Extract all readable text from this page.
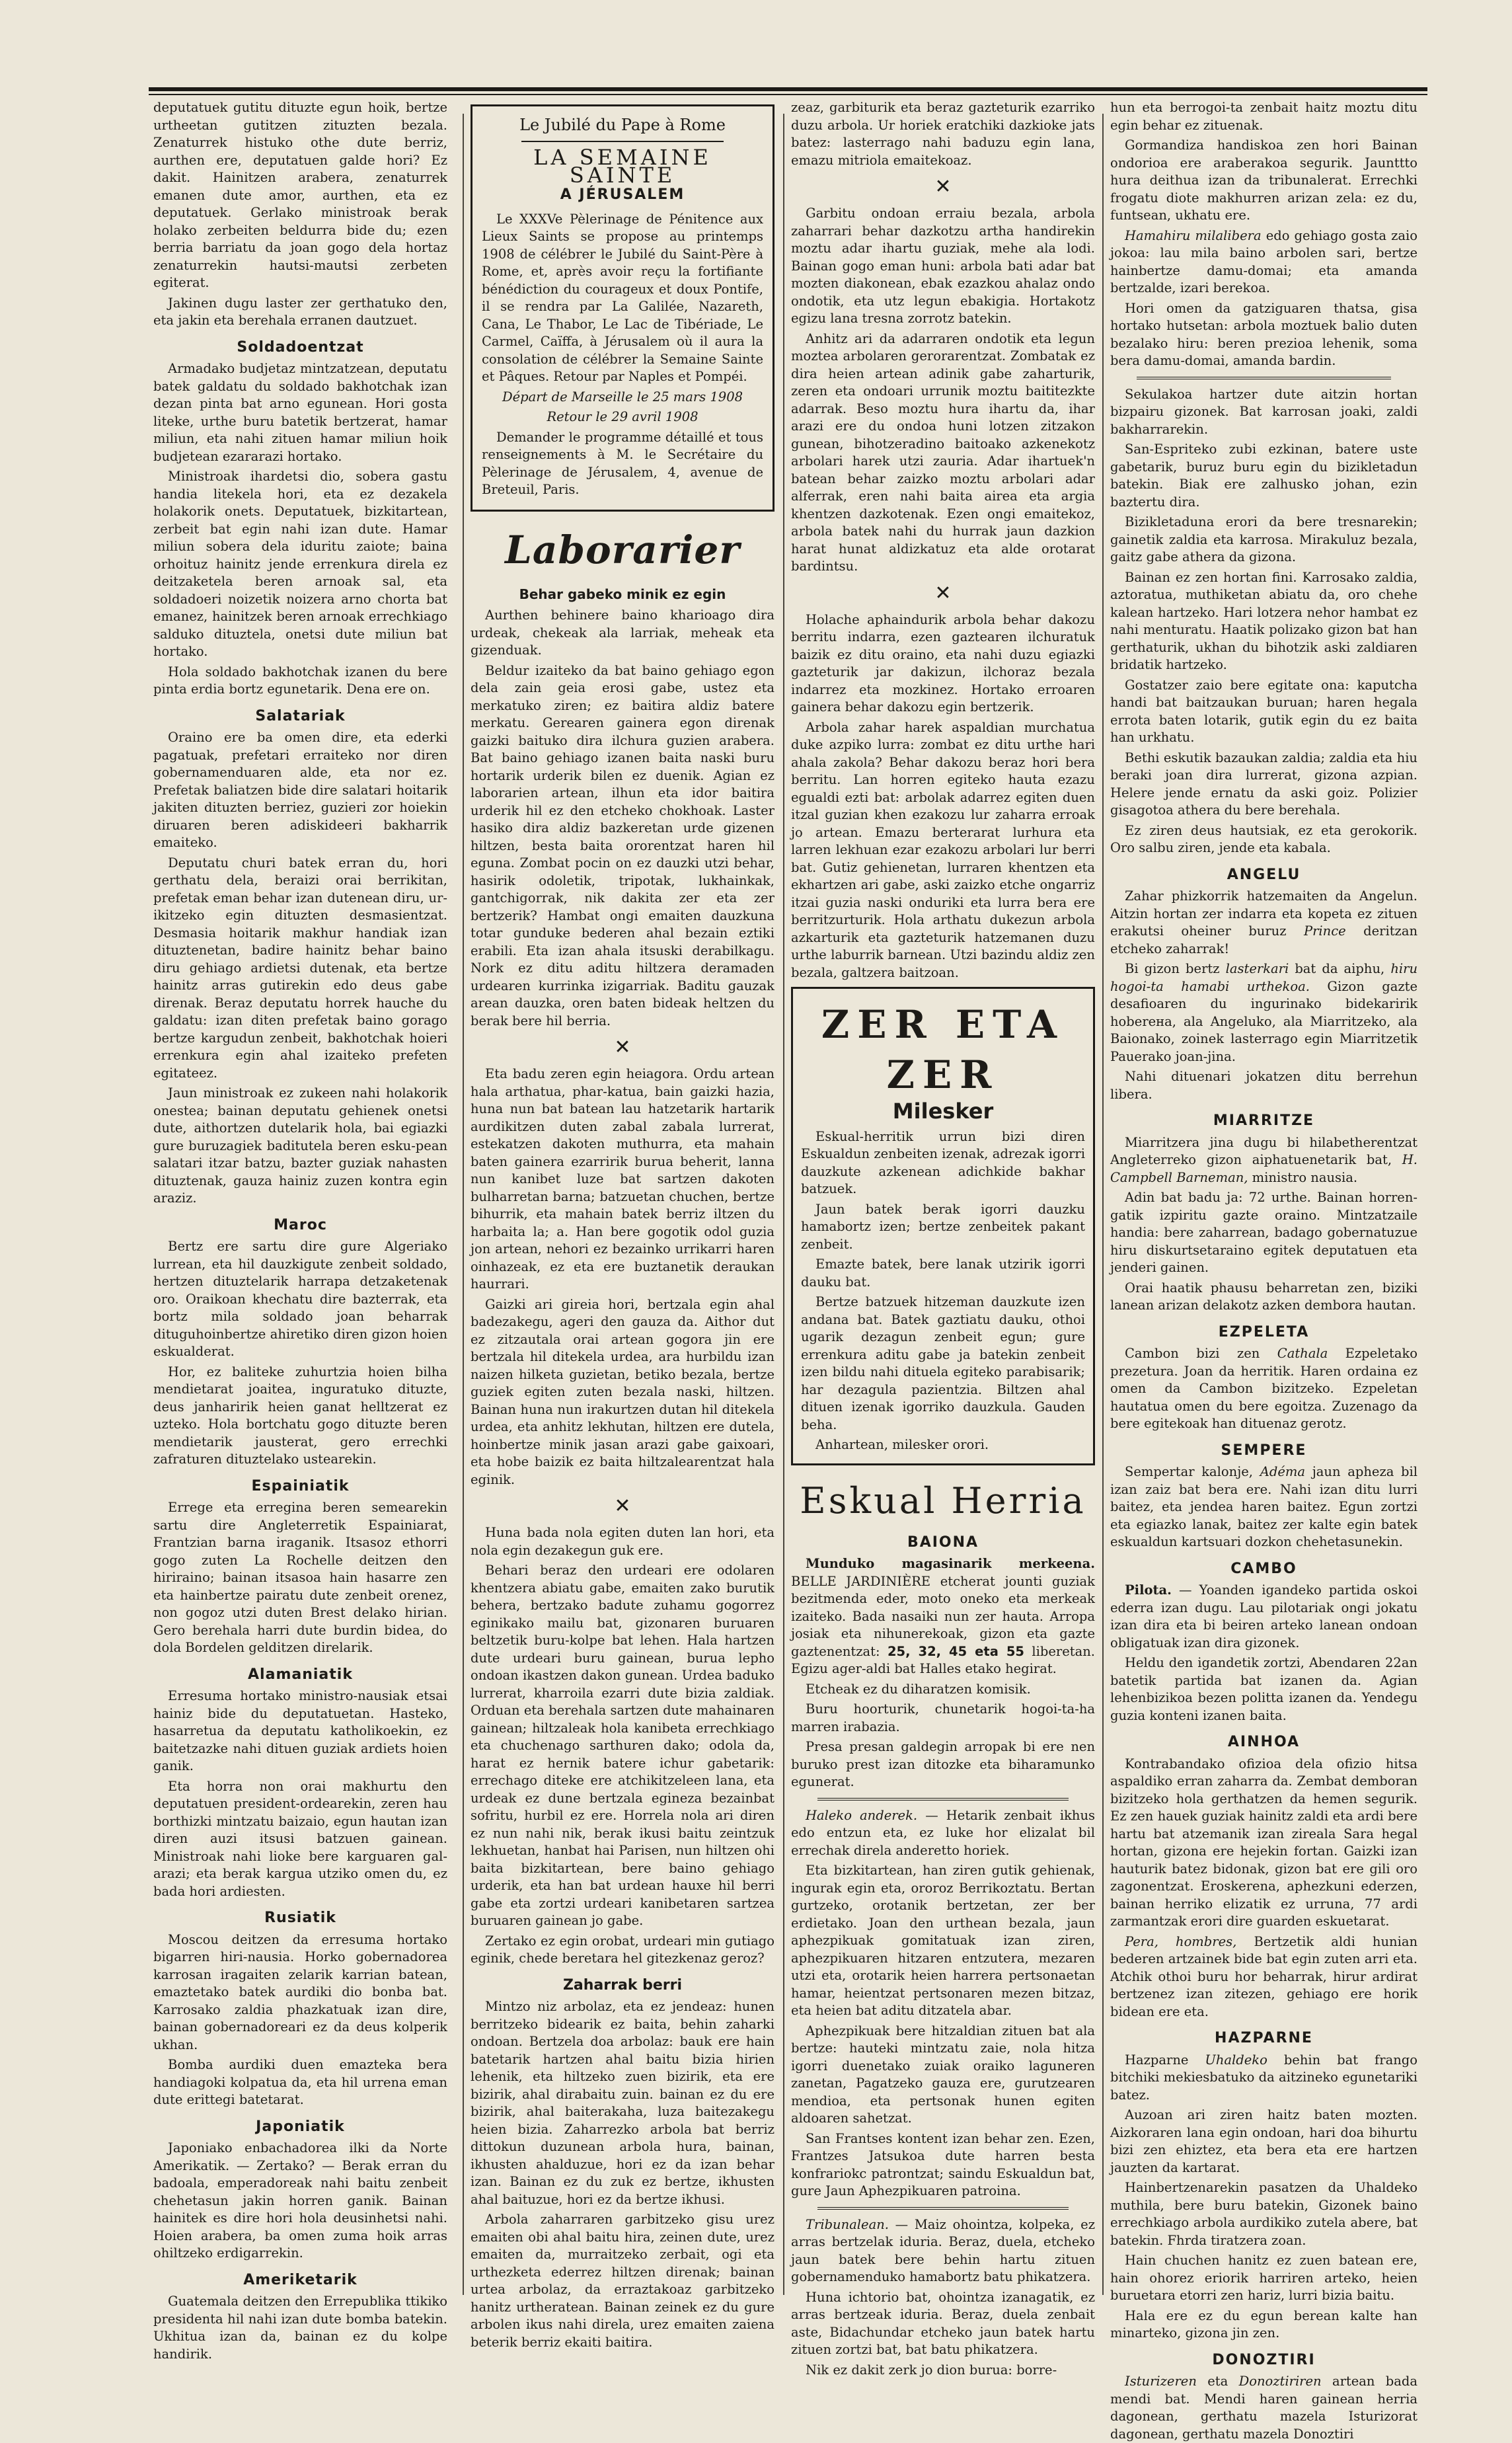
deputatuek gutitu dituzte egun hoik, bertze urtheetan gutitzen zituzten bezala. Zenaturrek histuko othe dute berriz, aurthen ere, deputatuen galde hori? Ez dakit. Hainitzen arabera, zenaturrek emanen dute amor, aurthen, eta ez deputatuek. Gerlako ministroak berak holako zerbeiten beldurra bide du; ezen berria barriatu da joan gogo dela hortaz zenaturrekin hautsi-mautsi zerbeten egiterat.

Jakinen dugu laster zer gerthatuko den, eta jakin eta berehala erranen dautzuet.

Soldadoentzat

Armadako budjetaz mintzatzean, deputatu batek galdatu du soldado bakhotchak izan dezan pinta bat arno egunean. Hori gosta liteke, urthe buru batetik bertzerat, hamar miliun, eta nahi zituen hamar miliun hoik budjetean ezararazi hortako.

Ministroak ihardetsi dio, sobera gastu handia litekela hori, eta ez dezakela holakorik onets. Deputatuek, bizkitartean, zerbeit bat egin nahi izan dute. Hamar miliun sobera dela iduritu zaiote; baina orhoituz hainitz jende errenkura direla ez deitzaketela beren arnoak sal, eta soldadoeri noizetik noizera arno chorta bat emanez, hainitzek beren arnoak errechkiago salduko dituztela, onetsi dute miliun bat hortako.

Hola soldado bakhotchak izanen du bere pinta erdia bortz egunetarik. Dena ere on.

Salatariak

Oraino ere ba omen dire, eta ederki pagatuak, prefetari erraiteko nor diren gobernamenduaren alde, eta nor ez. Prefetak baliatzen bide dire salatari hoitarik jakiten dituzten berriez, guzieri zor hoiekin diruaren beren adiskideeri bakharrik emaiteko.

Deputatu churi batek erran du, hori gerthatu dela, beraizi orai berrikitan, prefetak eman behar izan dutenean diru, ur-ikitzeko egin dituzten desmasientzat. Desmasia hoitarik makhur handiak izan dituztenetan, badire hainitz behar baino diru gehiago ardietsi dutenak, eta bertze hainitz arras gutirekin edo deus gabe direnak. Beraz deputatu horrek hauche du galdatu: izan diten prefetak baino gorago bertze kargudun zenbeit, bakhotchak hoieri errenkura egin ahal izaiteko prefeten egitateez.

Jaun ministroak ez zukeen nahi holakorik onestea; bainan deputatu gehienek onetsi dute, aithortzen dutelarik hola, bai egiazki gure buruzagiek baditutela beren esku-pean salatari itzar batzu, bazter guziak nahasten dituztenak, gauza hainiz zuzen kontra egin araziz.

Maroc

Bertz ere sartu dire gure Algeriako lurrean, eta hil dauzkigute zenbeit soldado, hertzen dituztelarik harrapa detzaketenak oro. Oraikoan khechatu dire bazterrak, eta bortz mila soldado joan beharrak dituguhoinbertze ahiretiko diren gizon hoien eskualderat.

Hor, ez baliteke zuhurtzia hoien bilha mendietarat joaitea, inguratuko dituzte, deus janharirik heien ganat helltzerat ez uzteko. Hola bortchatu gogo dituzte beren mendietarik jausterat, gero errechki zafraturen dituztelako ustearekin.

Espainiatik

Errege eta erregina beren semearekin sartu dire Angleterretik Espainiarat, Frantzian barna iraganik. Itsasoz ethorri gogo zuten La Rochelle deitzen den hiriraino; bainan itsasoa hain hasarre zen eta hainbertze pairatu dute zenbeit orenez, non gogoz utzi duten Brest delako hirian. Gero berehala harri dute burdin bidea, do dola Bordelen gelditzen direlarik.

Alamaniatik

Erresuma hortako ministro-nausiak etsai hainiz bide du deputatuetan. Hasteko, hasarretua da deputatu katholikoekin, ez baitetzazke nahi dituen guziak ardiets hoien ganik.

Eta horra non orai makhurtu den deputatuen president-ordearekin, zeren hau borthizki mintzatu baizaio, egun hautan izan diren auzi itsusi batzuen gainean. Ministroak nahi lioke bere karguaren gal-arazi; eta berak kargua utziko omen du, ez bada hori ardiesten.

Rusiatik

Moscou deitzen da erresuma hortako bigarren hiri-nausia. Horko gobernadorea karrosan iragaiten zelarik karrian batean, emaztetako batek aurdiki dio bonba bat. Karrosako zaldia phazkatuak izan dire, bainan gobernadoreari ez da deus kolperik ukhan.

Bomba aurdiki duen emazteka bera handiagoki kolpatua da, eta hil urrena eman dute erittegi batetarat.

Japoniatik

Japoniako enbachadorea ilki da Norte Amerikatik. — Zertako? — Berak erran du badoala, emperadoreak nahi baitu zenbeit chehetasun jakin horren ganik. Bainan hainitek es dire hori hola deusinhetsi nahi. Hoien arabera, ba omen zuma hoik arras ohiltzeko erdigarrekin.

Ameriketarik

Guatemala deitzen den Errepublika ttikiko presidenta hil nahi izan dute bomba batekin. Ukhitua izan da, bainan ez du kolpe handirik.

Le Jubilé du Pape à Rome
LA SEMAINE SAINTE
A JÉRUSALEM

Le XXXVe Pèlerinage de Pénitence aux Lieux Saints se propose au printemps 1908 de célébrer le Jubilé du Saint-Père à Rome, et, après avoir reçu la fortifiante bénédiction du courageux et doux Pontife, il se rendra par La Galilée, Nazareth, Cana, Le Thabor, Le Lac de Tibériade, Le Carmel, Caïffa, à Jérusalem où il aura la consolation de célébrer la Semaine Sainte et Pâques. Retour par Naples et Pompéi.

Départ de Marseille le 25 mars 1908

Retour le 29 avril 1908

Demander le programme détaillé et tous renseignements à M. le Secrétaire du Pèlerinage de Jérusalem, 4, avenue de Breteuil, Paris.

Laborarier
Behar gabeko minik ez egin

Aurthen behinere baino kharioago dira urdeak, chekeak ala larriak, meheak eta gizenduak.

Beldur izaiteko da bat baino gehiago egon dela zain geia erosi gabe, ustez eta merkatuko ziren; ez baitira aldiz batere merkatu. Gerearen gainera egon direnak gaizki baituko dira ilchura guzien arabera. Bat baino gehiago izanen baita naski buru hortarik urderik bilen ez duenik. Agian ez laborarien artean, ilhun eta idor baitira urderik hil ez den etcheko chokhoak. Laster hasiko dira aldiz bazkeretan urde gizenen hiltzen, besta baita ororentzat haren hil eguna. Zombat pocin on ez dauzki utzi behar, hasirik odoletik, tripotak, lukhainkak, gantchigorrak, nik dakita zer eta zer bertzerik? Hambat ongi emaiten dauzkuna totar gunduke bederen ahal bezain eztiki erabili. Eta izan ahala itsuski derabilkagu. Nork ez ditu aditu hiltzera deramaden urdearen kurrinka izigarriak. Baditu gauzak arean dauzka, oren baten bideak heltzen du berak bere hil berria.

✕

Eta badu zeren egin heiagora. Ordu artean hala arthatua, phar-katua, bain gaizki hazia, huna nun bat batean lau hatzetarik hartarik aurdikitzen duten zabal zabala lurrerat, estekatzen dakoten muthurra, eta mahain baten gainera ezarririk burua beherit, lanna nun kanibet luze bat sartzen dakoten bulharretan barna; batzuetan chuchen, bertze bihurrik, eta mahain batek berriz iltzen du harbaita la; a. Han bere gogotik odol guzia jon artean, nehori ez bezainko urrikarri haren oinhazeak, ez eta ere buztanetik deraukan haurrari.

Gaizki ari gireia hori, bertzala egin ahal badezakegu, ageri den gauza da. Aithor dut ez zitzautala orai artean gogora jin ere bertzala hil ditekela urdea, ara hurbildu izan naizen hilketa guzietan, betiko bezala, bertze guziek egiten zuten bezala naski, hiltzen. Bainan huna nun irakurtzen dutan hil ditekela urdea, eta anhitz lekhutan, hiltzen ere dutela, hoinbertze minik jasan arazi gabe gaixoari, eta hobe baizik ez baita hiltzalearentzat hala eginik.

✕

Huna bada nola egiten duten lan hori, eta nola egin dezakegun guk ere.

Behari beraz den urdeari ere odolaren khentzera abiatu gabe, emaiten zako burutik behera, bertzako badute zuhamu gogorrez eginikako mailu bat, gizonaren buruaren beltzetik buru-kolpe bat lehen. Hala hartzen dute urdeari buru gainean, burua lepho ondoan ikastzen dakon gunean. Urdea baduko lurrerat, kharroila ezarri dute bizia zaldiak. Orduan eta berehala sartzen dute mahainaren gainean; hiltzaleak hola kanibeta errechkiago eta chuchenago sarthuren dako; odola da, harat ez hernik batere ichur gabetarik: errechago diteke ere atchikitzeleen lana, eta urdeak ez dune bertzala egineza bezainbat sofritu, hurbil ez ere. Horrela nola ari diren ez nun nahi nik, berak ikusi baitu zeintzuk lekhuetan, hanbat hai Parisen, nun hiltzen ohi baita bizkitartean, bere baino gehiago urderik, eta han bat urdean hauxe hil berri gabe eta zortzi urdeari kanibetaren sartzea buruaren gainean jo gabe.

Zertako ez egin orobat, urdeari min gutiago eginik, chede beretara hel gitezkenaz geroz?

Zaharrak berri

Mintzo niz arbolaz, eta ez jendeaz: hunen berritzeko bidearik ez baita, behin zaharki ondoan. Bertzela doa arbolaz: bauk ere hain batetarik hartzen ahal baitu bizia hirien lehenik, eta hiltzeko zuen bizirik, eta ere bizirik, ahal dirabaitu zuin. bainan ez du ere bizirik, ahal baiterakaha, luza baitezakegu heien bizia. Zaharrezko arbola bat berriz dittokun duzunean arbola hura, bainan, ikhusten ahalduzue, hori ez da izan behar izan. Bainan ez du zuk ez bertze, ikhusten ahal baituzue, hori ez da bertze ikhusi.

Arbola zaharraren garbitzeko gisu urez emaiten obi ahal baitu hira, zeinen dute, urez emaiten da, murraitzeko zerbait, ogi eta urthezketa ederrez hiltzen direnak; bainan urtea arbolaz, da erraztakoaz garbitzeko hanitz urtheratean. Bainan zeinek ez du gure arbolen ikus nahi direla, urez emaiten zaiena beterik berriz ekaiti baitira.

zeaz, garbiturik eta beraz gazteturik ezarriko duzu arbola. Ur horiek eratchiki dazkioke jats batez: lasterrago nahi baduzu egin lana, emazu mitriola emaitekoaz.

✕

Garbitu ondoan erraiu bezala, arbola zaharrari behar dazkotzu artha handirekin moztu adar ihartu guziak, mehe ala lodi. Bainan gogo eman huni: arbola bati adar bat mozten diakonean, ebak ezazkou ahalaz ondo ondotik, eta utz legun ebakigia. Hortakotz egizu lana tresna zorrotz batekin.

Anhitz ari da adarraren ondotik eta legun moztea arbolaren gerorarentzat. Zombatak ez dira heien artean adinik gabe zaharturik, zeren eta ondoari urrunik moztu baititezkte adarrak. Beso moztu hura ihartu da, ihar arazi ere du ondoa huni lotzen zitzakon gunean, bihotzeradino baitoako azkenekotz arbolari harek utzi zauria. Adar ihartuek'n batean behar zaizko moztu arbolari adar alferrak, eren nahi baita airea eta argia khentzen dazkotenak. Ezen ongi emaitekoz, arbola batek nahi du hurrak jaun dazkion harat hunat aldizkatuz eta alde orotarat bardintsu.

✕

Holache aphaindurik arbola behar dakozu berritu indarra, ezen gaztearen ilchuratuk baizik ez ditu oraino, eta nahi duzu egiazki gazteturik jar dakizun, ilchoraz bezala indarrez eta mozkinez. Hortako erroaren gainera behar dakozu egin bertzerik.

Arbola zahar harek aspaldian murchatua duke azpiko lurra: zombat ez ditu urthe hari ahala zakola? Behar dakozu beraz hori bera berritu. Lan horren egiteko hauta ezazu egualdi ezti bat: arbolak adarrez egiten duen itzal guzian khen ezakozu lur zaharra erroak jo artean. Emazu berterarat lurhura eta larren lekhuan ezar ezakozu arbolari lur berri bat. Gutiz gehienetan, lurraren khentzen eta ekhartzen ari gabe, aski zaizko etche ongarriz itzai guzia naski onduriki eta lurra bera ere berritzurturik. Hola arthatu dukezun arbola azkarturik eta gazteturik hatzemanen duzu urthe laburrik barnean. Utzi bazindu aldiz zen bezala, galtzera baitzoan.

ZER ETA ZER
Milesker

Eskual-herritik urrun bizi diren Eskualdun zenbeiten izenak, adrezak igorri dauzkute azkenean adichkide bakhar batzuek.

Jaun batek berak igorri dauzku hamabortz izen; bertze zenbeitek pakant zenbeit.

Emazte batek, bere lanak utzirik igorri dauku bat.

Bertze batzuek hitzeman dauzkute izen andana bat. Batek gaztiatu dauku, othoi ugarik dezagun zenbeit egun; gure errenkura aditu gabe ja batekin zenbeit izen bildu nahi dituela egiteko parabisarik; har dezagula pazientzia. Biltzen ahal dituen izenak igorriko dauzkula. Gauden beha.

Anhartean, milesker orori.

Eskual Herria
BAIONA

Munduko magasinarik merkeena. BELLE JARDINIÈRE etcherat jounti guziak bezitmenda eder, moto oneko eta merkeak izaiteko. Bada nasaiki nun zer hauta. Arropa josiak eta nihunerekoak, gizon eta gazte gaztenentzat: 25, 32, 45 eta 55 liberetan. Egizu ager-aldi bat Halles etako hegirat.

Etcheak ez du diharatzen komisik.

Buru hoorturik, chunetarik hogoi-ta-ha marren irabazia.

Presa presan galdegin arropak bi ere nen buruko prest izan ditozke eta biharamunko egunerat.

Haleko anderek. — Hetarik zenbait ikhus edo entzun eta, ez luke hor elizalat bil errechak direla anderetto horiek.

Eta bizkitartean, han ziren gutik gehienak, ingurak egin eta, ororoz Berrikoztatu. Bertan gurtzeko, orotanik bertzetan, zer ber erdietako. Joan den urthean bezala, jaun aphezpikuak gomitatuak izan ziren, aphezpikuaren hitzaren entzutera, mezaren utzi eta, orotarik heien harrera pertsonaetan hamar, heientzat pertsonaren mezen bitzaz, eta heien bat aditu ditzatela abar.

Aphezpikuak bere hitzaldian zituen bat ala bertze: hauteki mintzatu zaie, nola hitza igorri duenetako zuiak oraiko laguneren zanetan, Pagatzeko gauza ere, gurutzearen mendioa, eta pertsonak hunen egiten aldoaren sahetzat.

San Frantses kontent izan behar zen. Ezen, Frantzes Jatsukoa dute harren besta konfrariokc patrontzat; saindu Eskualdun bat, gure Jaun Aphezpikuaren patroina.

Tribunalean. — Maiz ohointza, kolpeka, ez arras bertzelak iduria. Beraz, duela, etcheko jaun batek bere behin hartu zituen gobernamenduko hamabortz batu phikatzera.

Huna ichtorio bat, ohointza izanagatik, ez arras bertzeak iduria. Beraz, duela zenbait aste, Bidachundar etcheko jaun batek hartu zituen zortzi bat, bat batu phikatzera.

Nik ez dakit zerk jo dion burua: borre-

hun eta berrogoi-ta zenbait haitz moztu ditu egin behar ez zituenak.

Gormandiza handiskoa zen hori Bainan ondorioa ere araberakoa segurik. Jaunttto hura deithua izan da tribunalerat. Errechki frogatu diote makhurren arizan zela: ez du, funtsean, ukhatu ere.

Hamahiru milalibera edo gehiago gosta zaio jokoa: lau mila baino arbolen sari, bertze hainbertze damu-domai; eta amanda bertzalde, izari berekoa.

Hori omen da gatziguaren thatsa, gisa hortako hutsetan: arbola moztuek balio duten bezalako hiru: beren prezioa lehenik, soma bera damu-domai, amanda bardin.

Sekulakoa hartzer dute aitzin hortan bizpairu gizonek. Bat karrosan joaki, zaldi bakharrarekin.

San-Espriteko zubi ezkinan, batere uste gabetarik, buruz buru egin du bizikletadun batekin. Biak ere zalhusko johan, ezin baztertu dira.

Bizikletaduna erori da bere tresnarekin; gainetik zaldia eta karrosa. Mirakuluz bezala, gaitz gabe athera da gizona.

Bainan ez zen hortan fini. Karrosako zaldia, aztoratua, muthiketan abiatu da, oro chehe kalean hartzeko. Hari lotzera nehor hambat ez nahi menturatu. Haatik polizako gizon bat han gerthaturik, ukhan du bihotzik aski zaldiaren bridatik hartzeko.

Gostatzer zaio bere egitate ona: kaputcha handi bat baitzaukan buruan; haren hegala errota baten lotarik, gutik egin du ez baita han urkhatu.

Bethi eskutik bazaukan zaldia; zaldia eta hiu beraki joan dira lurrerat, gizona azpian. Helere jende ernatu da aski goiz. Polizier gisagotoa athera du bere berehala.

Ez ziren deus hautsiak, ez eta gerokorik. Oro salbu ziren, jende eta kabala.

ANGELU

Zahar phizkorrik hatzemaiten da Angelun. Aitzin hortan zer indarra eta kopeta ez zituen erakutsi oheiner buruz Prince deritzan etcheko zaharrak!

Bi gizon bertz lasterkari bat da aiphu, hiru hogoi-ta hamabi urthekoa. Gizon gazte desafioaren du ingurinako bidekaririk hobereна, ala Angeluko, ala Miarritzeko, ala Baionako, zoinek lasterrago egin Miarritzetik Pauerako joan-jina.

Nahi dituenari jokatzen ditu berrehun libera.

MIARRITZE

Miarritzera jina dugu bi hilabetherentzat Angleterreko gizon aiphatuenetarik bat, H. Campbell Barneman, ministro nausia.

Adin bat badu ja: 72 urthe. Bainan horren-gatik izpiritu gazte oraino. Mintzatzaile handia: bere zaharrean, badago gobernatuzue hiru diskurtsetaraino egitek deputatuen eta jenderi gainen.

Orai haatik phausu beharretan zen, biziki lanean arizan delakotz azken dembora hautan.

EZPELETA

Cambon bizi zen Cathala Ezpeletako prezetura. Joan da herritik. Haren ordaina ez omen da Cambon bizitzeko. Ezpeletan hautatua omen du bere egoitza. Zuzenago da bere egitekoak han dituenaz gerotz.

SEMPERE

Sempertar kalonje, Adéma jaun apheza bil izan zaiz bat bera ere. Nahi izan ditu lurri baitez, eta jendea haren baitez. Egun zortzi eta egiazko lanak, baitez zer kalte egin batek eskualdun kartsuari dozkon chehetasunekin.

CAMBO

Pilota. — Yoanden igandeko partida oskoi ederra izan dugu. Lau pilotariak ongi jokatu izan dira eta bi beiren arteko lanean ondoan obligatuak izan dira gizonek.

Heldu den igandetik zortzi, Abendaren 22an batetik partida bat izanen da. Agian lehenbizikoa bezen politta izanen da. Yendegu guzia konteni izanen baita.

AINHOA

Kontrabandako ofizioa dela ofizio hitsa aspaldiko erran zaharra da. Zembat demboran bizitzeko hola gerthatzen da hemen segurik. Ez zen hauek guziak hainitz zaldi eta ardi bere hartu bat atzemanik izan zireala Sara hegal hortan, gizona ere hejekin fortan. Gaizki izan hauturik batez bidonak, gizon bat ere gili oro zagonentzat. Eroskerena, aphezkuni ederzen, bainan herriko elizatik ez urruna, 77 ardi zarmantzak erori dire guarden eskuetarat.

Pera, hombres, Bertzetik aldi hunian bederen artzainek bide bat egin zuten arri eta. Atchik othoi buru hor beharrak, hirur ardirat bertzenez izan zitezen, gehiago ere horik bidean ere eta.

HAZPARNE

Hazparne Uhaldeko behin bat frango bitchiki mekiesbatuko da aitzineko egunetariki batez.

Auzoan ari ziren haitz baten mozten. Aizkoraren lana egin ondoan, hari doa bihurtu bizi zen ehiztez, eta bera eta ere hartzen jauzten da kartarat.

Hainbertzenarekin pasatzen da Uhaldeko muthila, bere buru batekin, Gizonek baino errechkiago arbola aurdikiko zutela abere, bat batekin. Fhrda tiratzera zoan.

Hain chuchen hanitz ez zuen batean ere, hain ohorez eriorik harriren arteko, heien buruetara etorri zen hariz, lurri bizia baitu.

Hala ere ez du egun berean kalte han minarteko, gizona jin zen.

DONOZTIRI

Isturizeren eta Donoztiriren artean bada mendi bat. Mendi haren gainean herria dagonean, gerthatu mazela Isturizorat dagonean, gerthatu mazela Donoztiri
